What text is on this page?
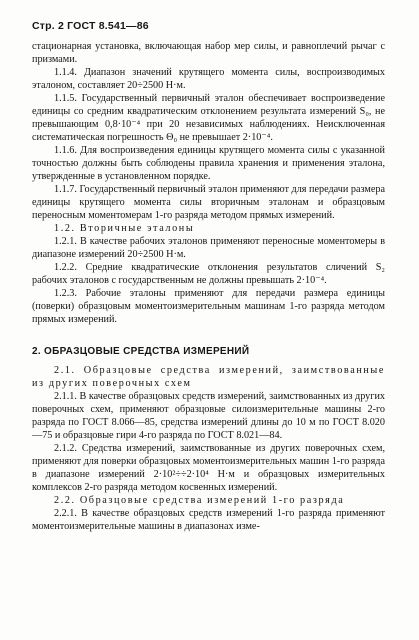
Стр. 2 ГОСТ 8.541—86

стационарная установка, включающая набор мер силы, и равноплечий рычаг с призмами.

1.1.4. Диапазон значений крутящего момента силы, воспроизводимых эталоном, составляет 20÷2500 Н·м.

1.1.5. Государственный первичный эталон обеспечивает воспроизведение единицы со средним квадратическим отклонением результата измерений S₀, не превышающим 0,8·10⁻⁴ при 20 независимых наблюдениях. Неисключенная систематическая погрешность Θ₀ не превышает 2·10⁻⁴.

1.1.6. Для воспроизведения единицы крутящего момента силы с указанной точностью должны быть соблюдены правила хранения и применения эталона, утвержденные в установленном порядке.

1.1.7. Государственный первичный эталон применяют для передачи размера единицы крутящего момента силы вторичным эталонам и образцовым переносным моментомерам 1-го разряда методом прямых измерений.

1.2. Вторичные эталоны

1.2.1. В качестве рабочих эталонов применяют переносные моментомеры в диапазоне измерений 20÷2500 Н·м.

1.2.2. Средние квадратические отклонения результатов сличений S₂ рабочих эталонов с государственным не должны превышать 2·10⁻⁴.

1.2.3. Рабочие эталоны применяют для передачи размера единицы (поверки) образцовым моментоизмерительным машинам 1-го разряда методом прямых измерений.

2. ОБРАЗЦОВЫЕ СРЕДСТВА ИЗМЕРЕНИЙ

2.1. Образцовые средства измерений, заимствованные из других поверочных схем

2.1.1. В качестве образцовых средств измерений, заимствованных из других поверочных схем, применяют образцовые силоизмерительные машины 2-го разряда по ГОСТ 8.066—85, средства измерений длины до 10 м по ГОСТ 8.020—75 и образцовые гири 4-го разряда по ГОСТ 8.021—84.

2.1.2. Средства измерений, заимствованные из других поверочных схем, применяют для поверки образцовых моментоизмерительных машин 1-го разряда в диапазоне измерений 2·10²÷÷2·10⁴ Н·м и образцовых измерительных комплексов 2-го разряда методом косвенных измерений.

2.2. Образцовые средства измерений 1-го разряда

2.2.1. В качестве образцовых средств измерений 1-го разряда применяют моментоизмерительные машины в диапазонах изме-
